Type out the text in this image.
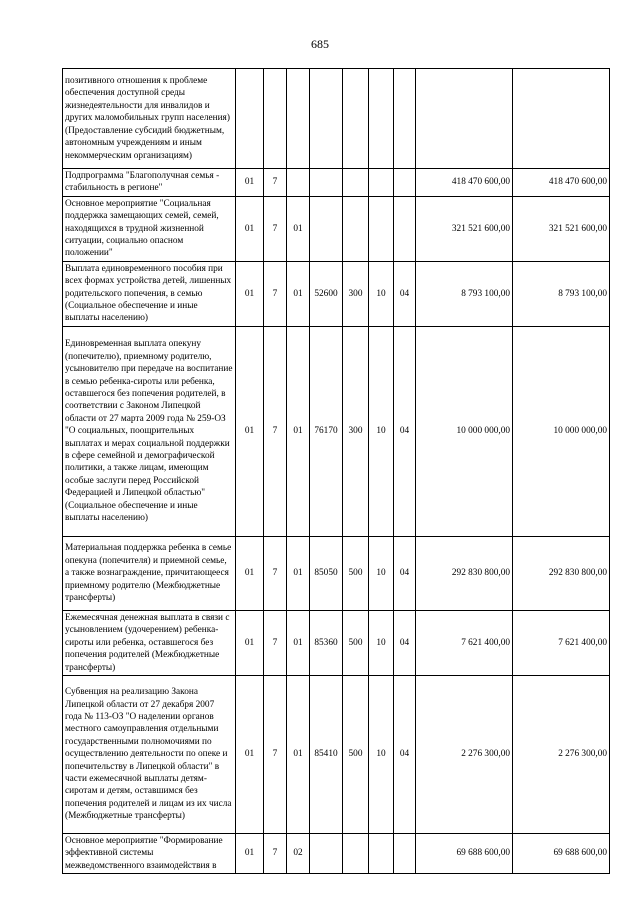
685
позитивного отношения к проблеме обеспечения доступной среды жизнедеятельности для инвалидов и других маломобильных групп населения) (Предоставление субсидий бюджетным, автономным учреждениям и иным некоммерческим организациям)									
Подпрограмма "Благополучная семья - стабильность в регионе"	01	7						418 470 600,00	418 470 600,00
Основное мероприятие "Социальная поддержка замещающих семей, семей, находящихся в трудной жизненной ситуации, социально опасном положении"	01	7	01					321 521 600,00	321 521 600,00
Выплата единовременного пособия при всех формах устройства детей, лишенных родительского попечения, в семью (Социальное обеспечение и иные выплаты населению)	01	7	01	52600	300	10	04	8 793 100,00	8 793 100,00
Единовременная выплата опекуну (попечителю), приемному родителю, усыновителю при передаче на воспитание в семью ребенка-сироты или ребенка, оставшегося без попечения родителей, в соответствии с Законом Липецкой области от 27 марта 2009 года № 259-ОЗ "О социальных, поощрительных выплатах и мерах социальной поддержки в сфере семейной и демографической политики, а также лицам, имеющим особые заслуги перед Российской Федерацией и Липецкой областью" (Социальное обеспечение и иные выплаты населению)	01	7	01	76170	300	10	04	10 000 000,00	10 000 000,00
Материальная поддержка ребенка в семье опекуна (попечителя) и приемной семье, а также вознаграждение, причитающееся приемному родителю (Межбюджетные трансферты)	01	7	01	85050	500	10	04	292 830 800,00	292 830 800,00
Ежемесячная денежная выплата в связи с усыновлением (удочерением) ребенка-сироты или ребенка, оставшегося без попечения родителей (Межбюджетные трансферты)	01	7	01	85360	500	10	04	7 621 400,00	7 621 400,00
Субвенция на реализацию Закона Липецкой области от 27 декабря 2007 года № 113-ОЗ "О наделении органов местного самоуправления отдельными государственными полномочиями по осуществлению деятельности по опеке и попечительству в Липецкой области" в части ежемесячной выплаты детям-сиротам и детям, оставшимся без попечения родителей и лицам из их числа (Межбюджетные трансферты)	01	7	01	85410	500	10	04	2 276 300,00	2 276 300,00
Основное мероприятие "Формирование эффективной системы межведомственного взаимодействия в	01	7	02					69 688 600,00	69 688 600,00
